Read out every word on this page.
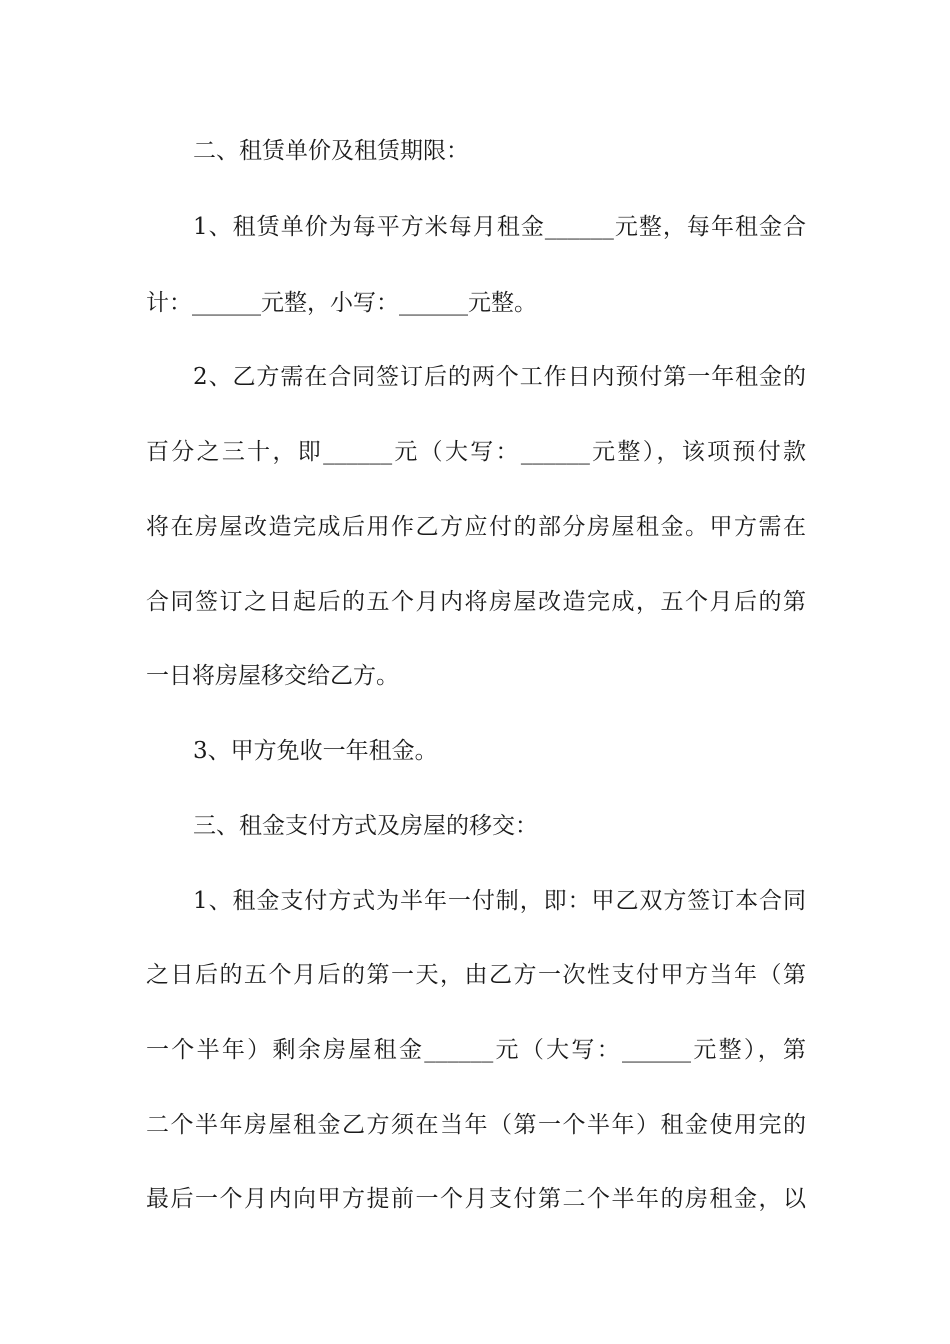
二、租赁单价及租赁期限：
1、租赁单价为每平方米每月租金______元整，每年租金合
计：______元整，小写：______元整。
2、乙方需在合同签订后的两个工作日内预付第一年租金的
百分之三十，即______元（大写：______元整），该项预付款
将在房屋改造完成后用作乙方应付的部分房屋租金。甲方需在
合同签订之日起后的五个月内将房屋改造完成，五个月后的第
一日将房屋移交给乙方。
3、甲方免收一年租金。
三、租金支付方式及房屋的移交：
1、租金支付方式为半年一付制，即：甲乙双方签订本合同
之日后的五个月后的第一天，由乙方一次性支付甲方当年（第
一个半年）剩余房屋租金______元（大写：______元整），第
二个半年房屋租金乙方须在当年（第一个半年）租金使用完的
最后一个月内向甲方提前一个月支付第二个半年的房租金，以
